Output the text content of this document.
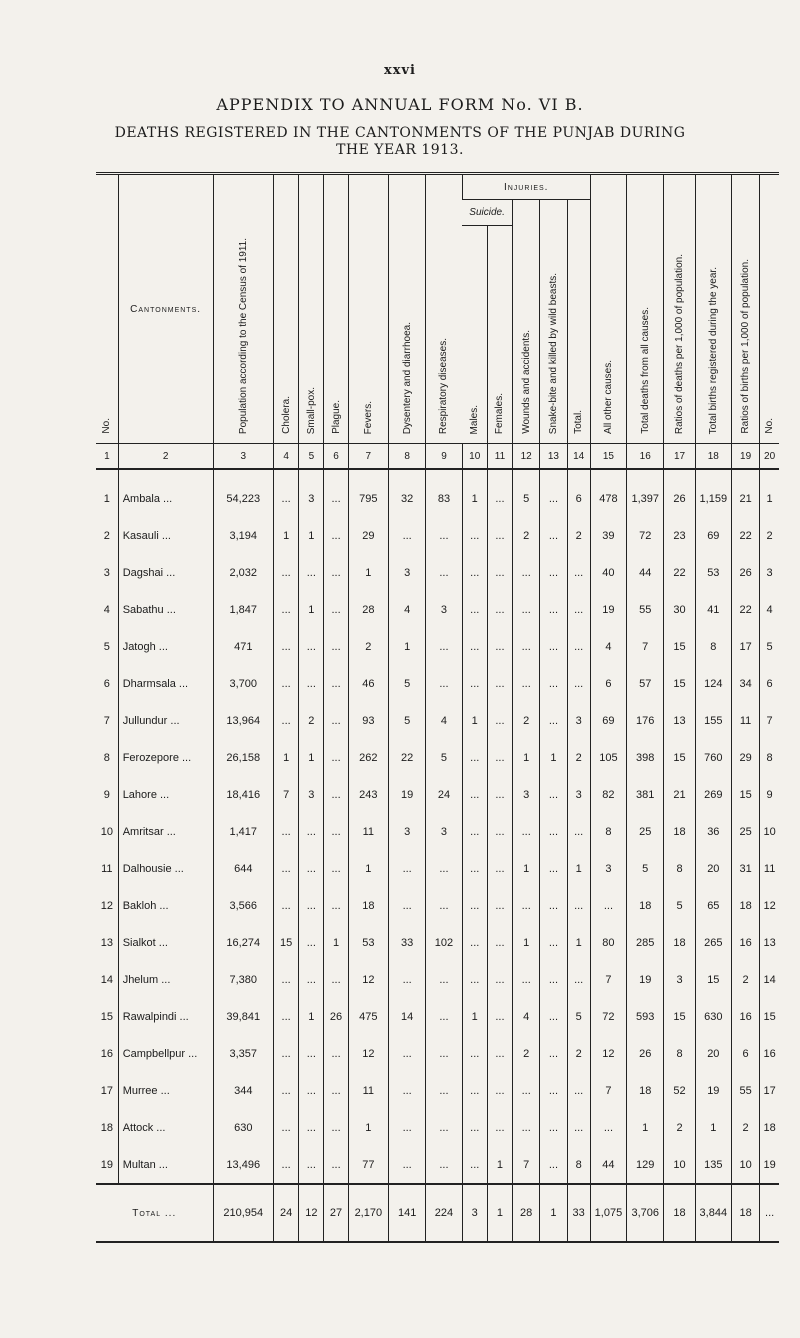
xxvi
APPENDIX TO ANNUAL FORM No. VI B.
DEATHS REGISTERED IN THE CANTONMENTS OF THE PUNJAB DURING
THE YEAR 1913.
No.	Cantonments.	Population according to the Census of 1911.	Cholera.	Small-pox.	Plague.	Fevers.	Dysentery and diarrhoea.	Respiratory diseases.	Injuries.					All other causes.	Total deaths from all causes.	Ratios of deaths per 1,000 of population.	Total births registered during the year.	Ratios of births per 1,000 of population.	No.
									Suicide.		Wounds and accidents.	Snake-bite and killed by wild beasts.	Total.						
									Males.	Females.									
1	2	3	4	5	6	7	8	9	10	11	12	13	14	15	16	17	18	19	20

1	Ambala ...	54,223	...	3	...	795	32	83	1	...	5	...	6	478	1,397	26	1,159	21	1
2	Kasauli ...	3,194	1	1	...	29	...	...	...	...	2	...	2	39	72	23	69	22	2
3	Dagshai ...	2,032	...	...	...	1	3	...	...	...	...	...	...	40	44	22	53	26	3
4	Sabathu ...	1,847	...	1	...	28	4	3	...	...	...	...	...	19	55	30	41	22	4
5	Jatogh ...	471	...	...	...	2	1	...	...	...	...	...	...	4	7	15	8	17	5
6	Dharmsala ...	3,700	...	...	...	46	5	...	...	...	...	...	...	6	57	15	124	34	6
7	Jullundur ...	13,964	...	2	...	93	5	4	1	...	2	...	3	69	176	13	155	11	7
8	Ferozepore ...	26,158	1	1	...	262	22	5	...	...	1	1	2	105	398	15	760	29	8
9	Lahore ...	18,416	7	3	...	243	19	24	...	...	3	...	3	82	381	21	269	15	9
10	Amritsar ...	1,417	...	...	...	11	3	3	...	...	...	...	...	8	25	18	36	25	10
11	Dalhousie ...	644	...	...	...	1	...	...	...	...	1	...	1	3	5	8	20	31	11
12	Bakloh ...	3,566	...	...	...	18	...	...	...	...	...	...	...	...	18	5	65	18	12
13	Sialkot ...	16,274	15	...	1	53	33	102	...	...	1	...	1	80	285	18	265	16	13
14	Jhelum ...	7,380	...	...	...	12	...	...	...	...	...	...	...	7	19	3	15	2	14
15	Rawalpindi ...	39,841	...	1	26	475	14	...	1	...	4	...	5	72	593	15	630	16	15
16	Campbellpur ...	3,357	...	...	...	12	...	...	...	...	2	...	2	12	26	8	20	6	16
17	Murree ...	344	...	...	...	11	...	...	...	...	...	...	...	7	18	52	19	55	17
18	Attock ...	630	...	...	...	1	...	...	...	...	...	...	...	...	1	2	1	2	18
19	Multan ...	13,496	...	...	...	77	...	...	...	1	7	...	8	44	129	10	135	10	19
Total ...		210,954	24	12	27	2,170	141	224	3	1	28	1	33	1,075	3,706	18	3,844	18	...
